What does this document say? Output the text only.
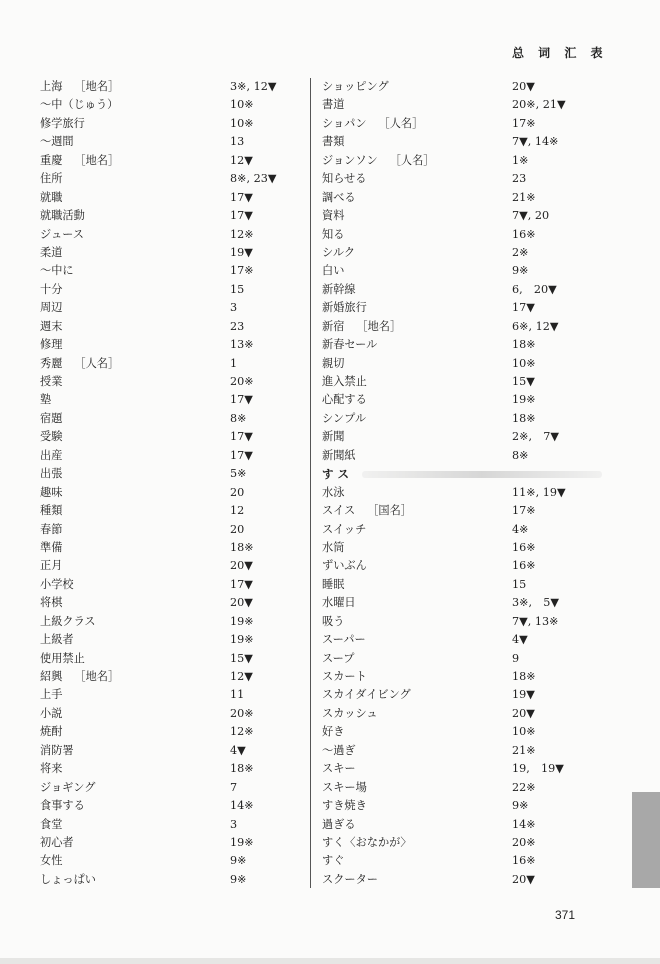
总 词 汇 表
上海 ［地名］	3※, 12▼
～中（じゅう）	10※
修学旅行	10※
～週間	13
重慶 ［地名］	12▼
住所	8※, 23▼
就職	17▼
就職活動	17▼
ジュース	12※
柔道	19▼
～中に	17※
十分	15
周辺	3
週末	23
修理	13※
秀麗 ［人名］	1
授業	20※
塾	17▼
宿題	8※
受験	17▼
出産	17▼
出張	5※
趣味	20
種類	12
春節	20
準備	18※
正月	20▼
小学校	17▼
将棋	20▼
上級クラス	19※
上級者	19※
使用禁止	15▼
紹興 ［地名］	12▼
上手	11
小説	20※
焼酎	12※
消防署	4▼
将来	18※
ジョギング	7
食事する	14※
食堂	3
初心者	19※
女性	9※
しょっぱい	9※
ショッピング	20▼
書道	20※, 21▼
ショパン ［人名］	17※
書類	7▼, 14※
ジョンソン ［人名］	1※
知らせる	23
調べる	21※
資料	7▼, 20
知る	16※
シルク	2※
白い	9※
新幹線	6,　20▼
新婚旅行	17▼
新宿 ［地名］	6※, 12▼
新春セール	18※
親切	10※
進入禁止	15▼
心配する	19※
シンプル	18※
新聞	2※,　7▼
新聞紙	8※
す ス
水泳	11※, 19▼
スイス ［国名］	17※
スイッチ	4※
水筒	16※
ずいぶん	16※
睡眠	15
水曜日	3※,　5▼
吸う	7▼, 13※
スーパー	4▼
スープ	9
スカート	18※
スカイダイビング	19▼
スカッシュ	20▼
好き	10※
～過ぎ	21※
スキー	19,　19▼
スキー場	22※
すき焼き	9※
過ぎる	14※
すく〈おなかが〉	20※
すぐ	16※
スクーター	20▼
371
